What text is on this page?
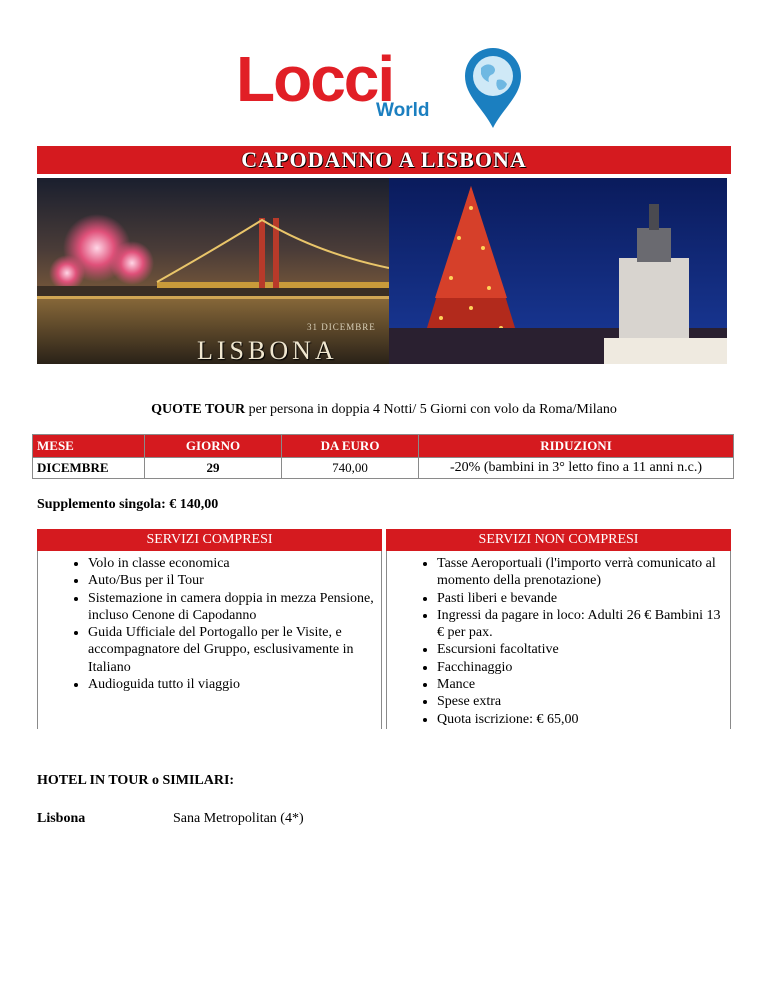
Locci
World
CAPODANNO A LISBONA
31 DICEMBRE
LISBONA
QUOTE TOUR per persona in doppia 4 Notti/ 5 Giorni con volo da Roma/Milano
MESE	GIORNO	DA EURO	RIDUZIONI
DICEMBRE	29	740,00	-20% (bambini in 3° letto fino a 11 anni n.c.)
Supplemento singola: € 140,00
SERVIZI COMPRESI	SERVIZI NON COMPRESI
• Volo in classe economica
• Auto/Bus per il Tour
• Sistemazione in camera doppia in mezza Pensione, incluso Cenone di Capodanno
• Guida Ufficiale del Portogallo per le Visite, e accompagnatore del Gruppo, esclusivamente in Italiano
• Audioguida tutto il viaggio
• Tasse Aeroportuali (l'importo verrà comunicato al momento della prenotazione)
• Pasti liberi e bevande
• Ingressi da pagare in loco: Adulti 26 € Bambini 13 € per pax.
• Escursioni facoltative
• Facchinaggio
• Mance
• Spese extra
• Quota iscrizione: € 65,00
HOTEL IN TOUR o SIMILARI:
Lisbona	Sana Metropolitan (4*)
